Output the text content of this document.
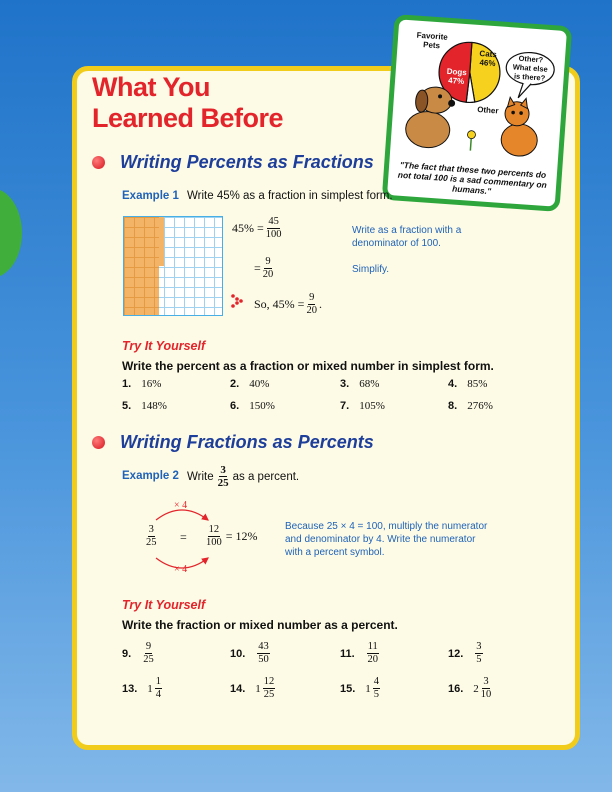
What You
Learned Before
Favorite
Pets
Cats
46%
Dogs
47%
Other
Other?
What else
is there?
"The fact that these two percents do not total 100 is a sad commentary on humans."
Writing Percents as Fractions
Example 1 Write 45% as a fraction in simplest form.
$45\% = \frac{45}{100}$
= $\frac{9}{20}$
Write as a fraction with a denominator of 100.
Simplify.
So, $45\% = \frac{9}{20}$ .
Try It Yourself
Write the percent as a fraction or mixed number in simplest form.
1. 16%	2. 40%	3. 68%	4. 85%
5. 148%	6. 150%	7. 105%	8. 276%
Writing Fractions as Percents
Example 2 Write $\frac{3}{25}$ as a percent.
× 4
× 4
$\frac{3}{25} = \frac{12}{100} = 12\%$
Because 25 × 4 = 100, multiply the numerator and denominator by 4. Write the numerator with a percent symbol.
Try It Yourself
Write the fraction or mixed number as a percent.
9. $\frac{9}{25}$	10. $\frac{43}{50}$	11. $\frac{11}{20}$	12. $\frac{3}{5}$
13. $1 \frac{1}{4}$	14. $1 \frac{12}{25}$	15. $1 \frac{4}{5}$	16. $2 \frac{3}{10}$
